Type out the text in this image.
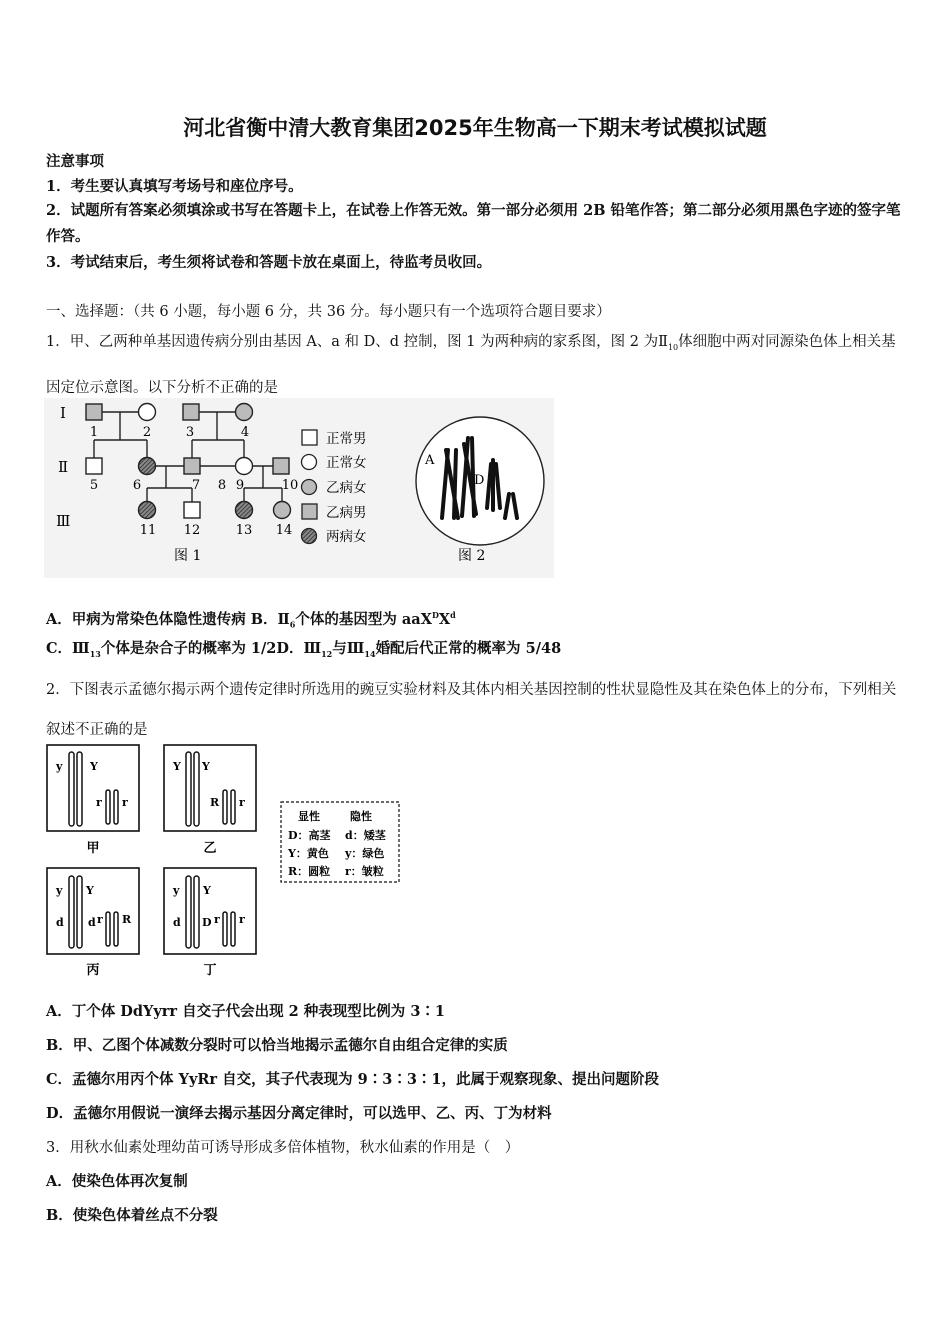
河北省衡中清大教育集团2025年生物高一下期末考试模拟试题
注意事项
1．考生要认真填写考场号和座位序号。
2．试题所有答案必须填涂或书写在答题卡上，在试卷上作答无效。第一部分必须用 2B 铅笔作答；第二部分必须用黑色字迹的签字笔作答。
3．考试结束后，考生须将试卷和答题卡放在桌面上，待监考员收回。
一、选择题：（共 6 小题，每小题 6 分，共 36 分。每小题只有一个选项符合题目要求）
1．甲、乙两种单基因遗传病分别由基因 A、a 和 D、d 控制，图 1 为两种病的家系图，图 2 为$Ⅱ_{10}$体细胞中两对同源染色体上相关基因定位示意图。以下分析不正确的是
Ⅰ
Ⅱ
Ⅲ
1	2	3	4
5	6	7 8 9	10
11 12	13 14
正常男
正常女
乙病女
乙病男
两病女
图 1
A
D
图 2
A．甲病为常染色体隐性遗传病 B．$Ⅱ_6$个体的基因型为 $aaX^DX^d$
C．$Ⅲ_{13}$个体是杂合子的概率为 1/2D．$Ⅲ_{12}$与$Ⅲ_{14}$婚配后代正常的概率为 5/48
2．下图表示孟德尔揭示两个遗传定律时所选用的豌豆实验材料及其体内相关基因控制的性状显隐性及其在染色体上的分布，下列相关叙述不正确的是
y	Y
r r
Y Y
R r
y Y
d d r R
y Y
d D r r
甲	乙
丙	丁
显性	隐性
D：高茎 d：矮茎
Y：黄色 y：绿色
R：圆粒 r：皱粒
A．丁个体 DdYyrr 自交子代会出现 2 种表现型比例为 3∶1
B．甲、乙图个体减数分裂时可以恰当地揭示孟德尔自由组合定律的实质
C．孟德尔用丙个体 YyRr 自交，其子代表现为 9∶3∶3∶1，此属于观察现象、提出问题阶段
D．孟德尔用假说一演绎去揭示基因分离定律时，可以选甲、乙、丙、丁为材料
3．用秋水仙素处理幼苗可诱导形成多倍体植物，秋水仙素的作用是（　）
A．使染色体再次复制
B．使染色体着丝点不分裂
